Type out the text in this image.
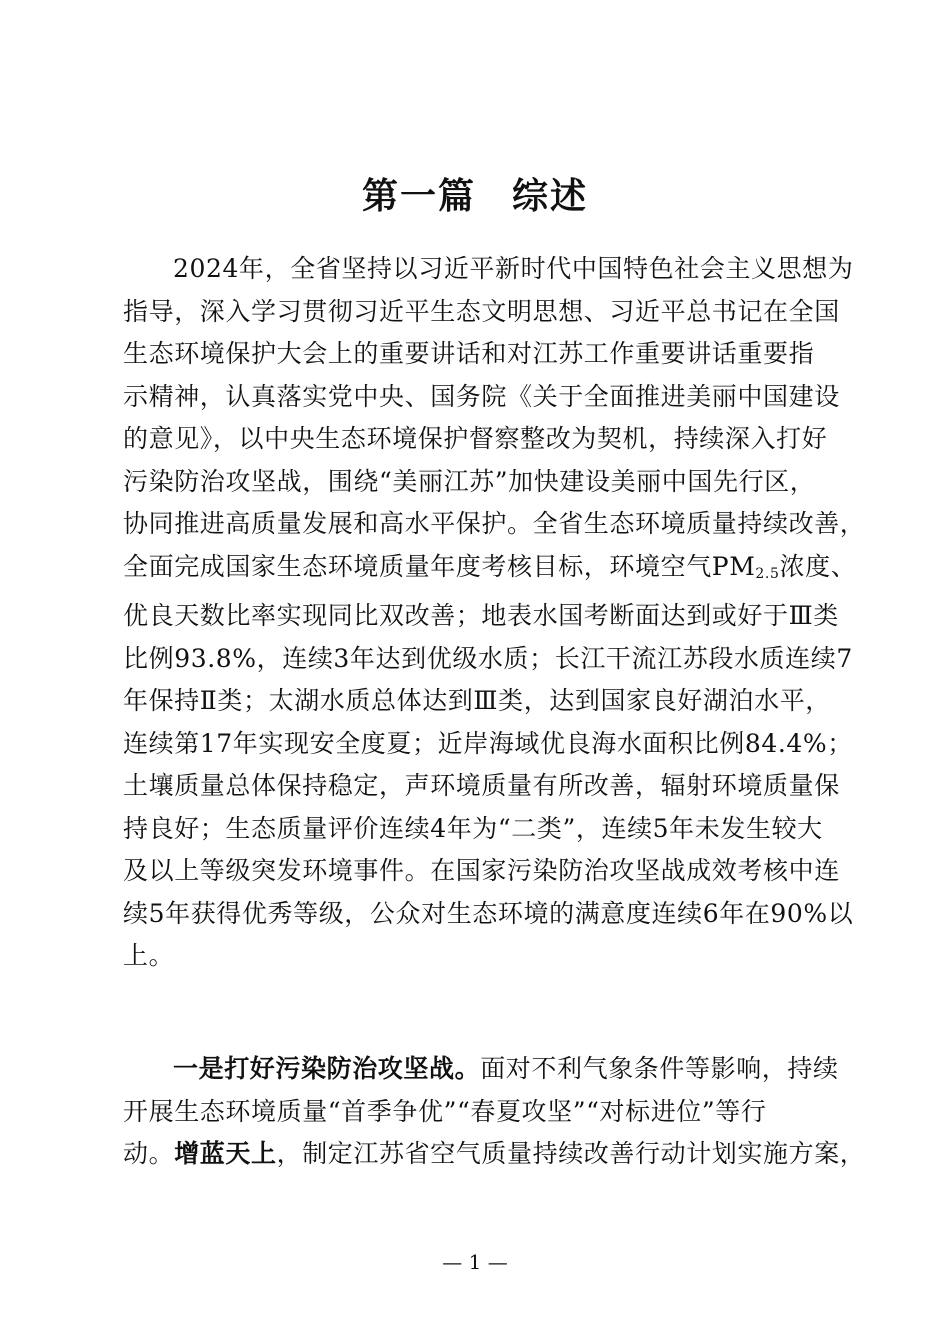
第一篇 综述
2024年，全省坚持以习近平新时代中国特色社会主义思想为
指导，深入学习贯彻习近平生态文明思想、习近平总书记在全国
生态环境保护大会上的重要讲话和对江苏工作重要讲话重要指
示精神，认真落实党中央、国务院《关于全面推进美丽中国建设
的意见》，以中央生态环境保护督察整改为契机，持续深入打好
污染防治攻坚战，围绕“美丽江苏”加快建设美丽中国先行区，
协同推进高质量发展和高水平保护。全省生态环境质量持续改善，
全面完成国家生态环境质量年度考核目标，环境空气$PM_{2.5}$浓度、
优良天数比率实现同比双改善；地表水国考断面达到或好于Ⅲ类
比例93.8%，连续3年达到优级水质；长江干流江苏段水质连续7
年保持Ⅱ类；太湖水质总体达到Ⅲ类，达到国家良好湖泊水平，
连续第17年实现安全度夏；近岸海域优良海水面积比例84.4%；
土壤质量总体保持稳定，声环境质量有所改善，辐射环境质量保
持良好；生态质量评价连续4年为“二类”，连续5年未发生较大
及以上等级突发环境事件。在国家污染防治攻坚战成效考核中连
续5年获得优秀等级，公众对生态环境的满意度连续6年在90%以
上。
一是打好污染防治攻坚战。面对不利气象条件等影响，持续
开展生态环境质量“首季争优”“春夏攻坚”“对标进位”等行
动。增蓝天上，制定江苏省空气质量持续改善行动计划实施方案，
— 1 —
